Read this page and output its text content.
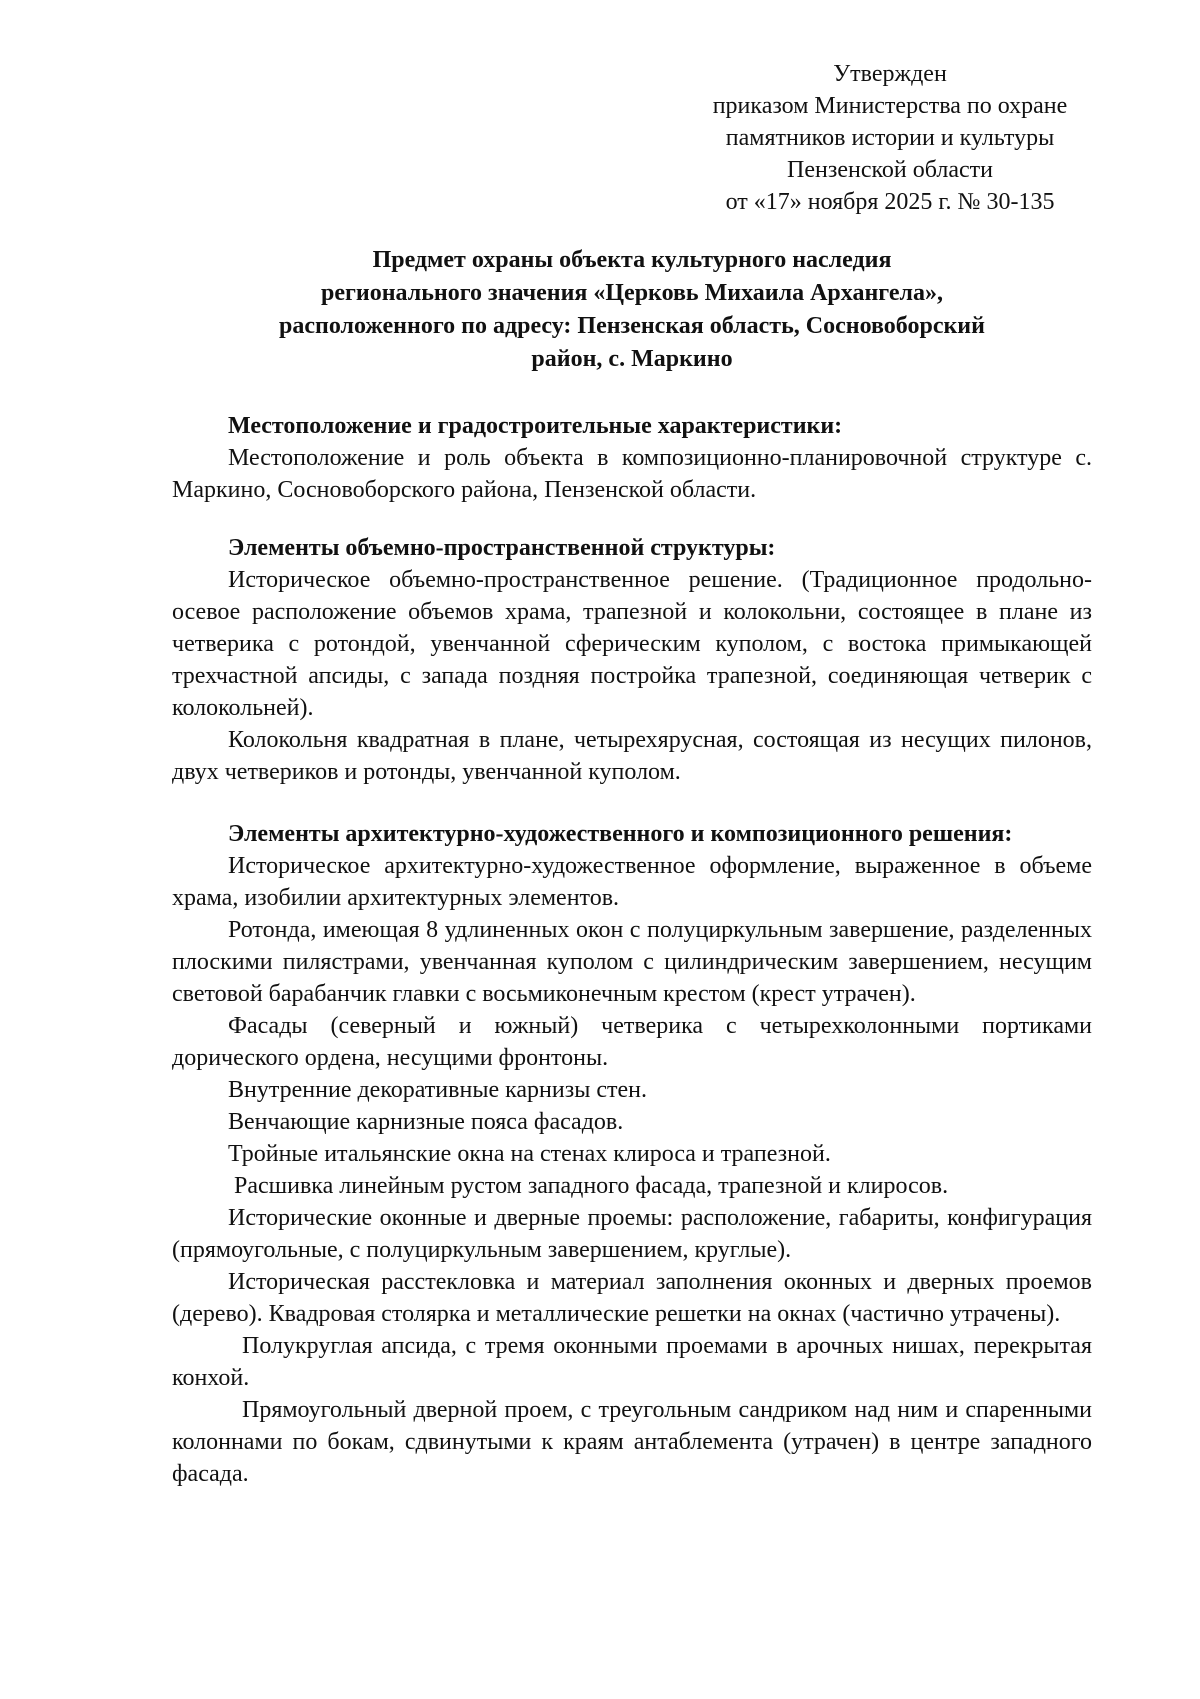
Утвержден
приказом Министерства по охране
памятников истории и культуры
Пензенской области
от «17» ноября 2025 г. № 30-135
Предмет охраны объекта культурного наследия
регионального значения «Церковь Михаила Архангела»,
расположенного по адресу: Пензенская область, Сосновоборский
район, с. Маркино

Местоположение и градостроительные характеристики:

Местоположение и роль объекта в композиционно-планировочной структуре с. Маркино, Сосновоборского района, Пензенской области.

Элементы объемно-пространственной структуры:

Историческое объемно-пространственное решение. (Традиционное продольно-осевое расположение объемов храма, трапезной и колокольни, состоящее в плане из четверика с ротондой, увенчанной сферическим куполом, с востока примыкающей трехчастной апсиды, с запада поздняя постройка трапезной, соединяющая четверик с колокольней).

Колокольня квадратная в плане, четырехярусная, состоящая из несущих пилонов, двух четвериков и ротонды, увенчанной куполом.

Элементы архитектурно-художественного и композиционного решения:

Историческое архитектурно-художественное оформление, выраженное в объеме храма, изобилии архитектурных элементов.

Ротонда, имеющая 8 удлиненных окон с полуциркульным завершение, разделенных плоскими пилястрами, увенчанная куполом с цилиндрическим завершением, несущим световой барабанчик главки с восьмиконечным крестом (крест утрачен).

Фасады (северный и южный) четверика с четырехколонными портиками дорического ордена, несущими фронтоны.

Внутренние декоративные карнизы стен.

Венчающие карнизные пояса фасадов.

Тройные итальянские окна на стенах клироса и трапезной.

Расшивка линейным рустом западного фасада, трапезной и клиросов.

Исторические оконные и дверные проемы: расположение, габариты, конфигурация (прямоугольные, с полуциркульным завершением, круглые).

Историческая расстекловка и материал заполнения оконных и дверных проемов (дерево). Квадровая столярка и металлические решетки на окнах (частично утрачены).

Полукруглая апсида, с тремя оконными проемами в арочных нишах, перекрытая конхой.

Прямоугольный дверной проем, с треугольным сандриком над ним и спаренными колоннами по бокам, сдвинутыми к краям антаблемента (утрачен) в центре западного фасада.
